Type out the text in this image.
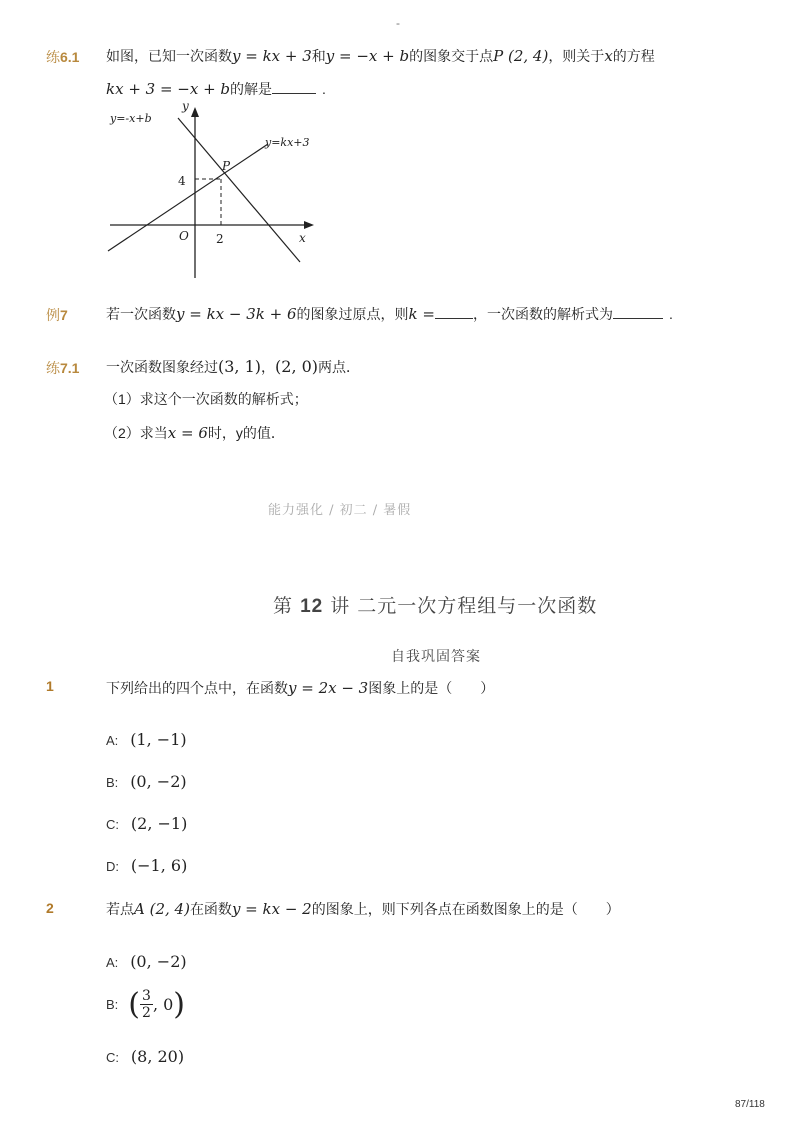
-
练6.1 如图，已知一次函数y = kx + 3和y = −x + b的图象交于点P (2, 4)，则关于x的方程
kx + 3 = −x + b的解是	.
y=-x+b
y=kx+3
y
x
O
P
4
2
例7	若一次函数y = kx − 3k + 6的图象过原点，则k =	，一次函数的解析式为	.
练7.1 一次函数图象经过(3, 1)，(2, 0)两点．
（1）求这个一次函数的解析式；
（2）求当x = 6时，y的值．
能力强化 / 初二 / 暑假
第 12 讲 二元一次方程组与一次函数
自我巩固答案
1	下列给出的四个点中，在函数y = 2x − 3图象上的是（　　）
A: (1, −1)
B: (0, −2)
C: (2, −1)
D: (−1, 6)
2	若点A (2, 4)在函数y = kx − 2的图象上，则下列各点在函数图象上的是（　　）
A: (0, −2)
B: ( $\frac{3}{2}$ , 0 )
C: (8, 20)
87/118
